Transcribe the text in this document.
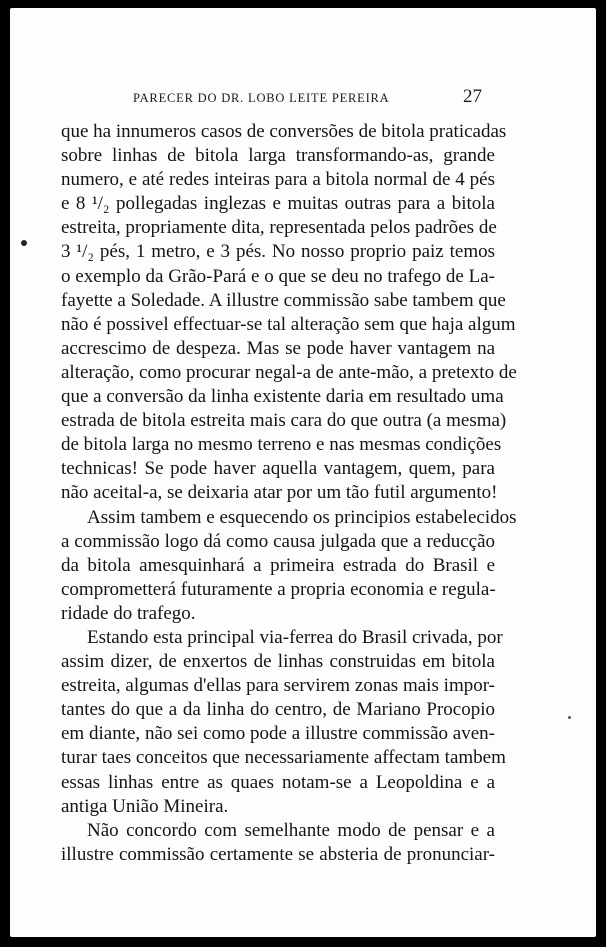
PARECER DO DR. LOBO LEITE PEREIRA	27
que ha innumeros casos de conversões de bitola praticadas
sobre linhas de bitola larga transformando-as, grande
numero, e até redes inteiras para a bitola normal de 4 pés
e 8 ¹/₂ pollegadas inglezas e muitas outras para a bitola
estreita, propriamente dita, representada pelos padrões de
3 ¹/₂ pés, 1 metro, e 3 pés. No nosso proprio paiz temos
o exemplo da Grão-Pará e o que se deu no trafego de La-
fayette a Soledade. A illustre commissão sabe tambem que
não é possivel effectuar-se tal alteração sem que haja algum
accrescimo de despeza. Mas se pode haver vantagem na
alteração, como procurar negal-a de ante-mão, a pretexto de
que a conversão da linha existente daria em resultado uma
estrada de bitola estreita mais cara do que outra (a mesma)
de bitola larga no mesmo terreno e nas mesmas condições
technicas! Se pode haver aquella vantagem, quem, para
não aceital-a, se deixaria atar por um tão futil argumento!
Assim tambem e esquecendo os principios estabelecidos
a commissão logo dá como causa julgada que a reducção
da bitola amesquinhará a primeira estrada do Brasil e
comprometterá futuramente a propria economia e regula-
ridade do trafego.
Estando esta principal via-ferrea do Brasil crivada, por
assim dizer, de enxertos de linhas construidas em bitola
estreita, algumas d'ellas para servirem zonas mais impor-
tantes do que a da linha do centro, de Mariano Procopio
em diante, não sei como pode a illustre commissão aven-
turar taes conceitos que necessariamente affectam tambem
essas linhas entre as quaes notam-se a Leopoldina e a
antiga União Mineira.
Não concordo com semelhante modo de pensar e a
illustre commissão certamente se absteria de pronunciar-
